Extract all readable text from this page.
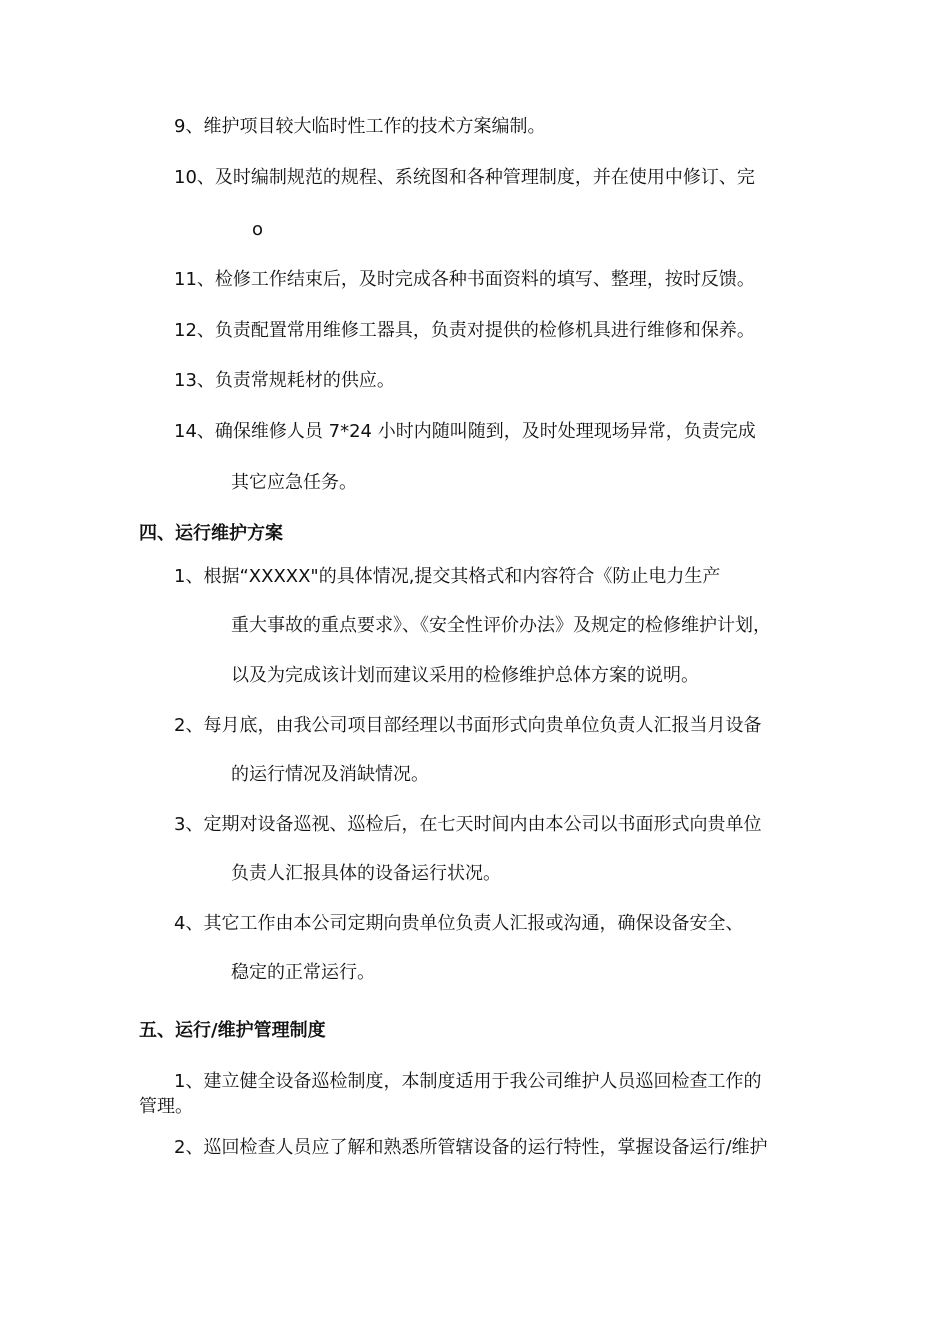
9、维护项目较大临时性工作的技术方案编制。
10、及时编制规范的规程、系统图和各种管理制度，并在使用中修订、完
o
11、检修工作结束后，及时完成各种书面资料的填写、整理，按时反馈。
12、负责配置常用维修工器具，负责对提供的检修机具进行维修和保养。
13、负责常规耗材的供应。
14、确保维修人员 7*24 小时内随叫随到，及时处理现场异常，负责完成
其它应急任务。
四、运行维护方案
1、根据“XXXXX"的具体情况,提交其格式和内容符合《防止电力生产
重大事故的重点要求》、《安全性评价办法》及规定的检修维护计划，
以及为完成该计划而建议采用的检修维护总体方案的说明。
2、每月底，由我公司项目部经理以书面形式向贵单位负责人汇报当月设备
的运行情况及消缺情况。
3、定期对设备巡视、巡检后，在七天时间内由本公司以书面形式向贵单位
负责人汇报具体的设备运行状况。
4、其它工作由本公司定期向贵单位负责人汇报或沟通，确保设备安全、
稳定的正常运行。
五、运行/维护管理制度
1、建立健全设备巡检制度，本制度适用于我公司维护人员巡回检查工作的
管理。
2、巡回检查人员应了解和熟悉所管辖设备的运行特性，掌握设备运行/维护
